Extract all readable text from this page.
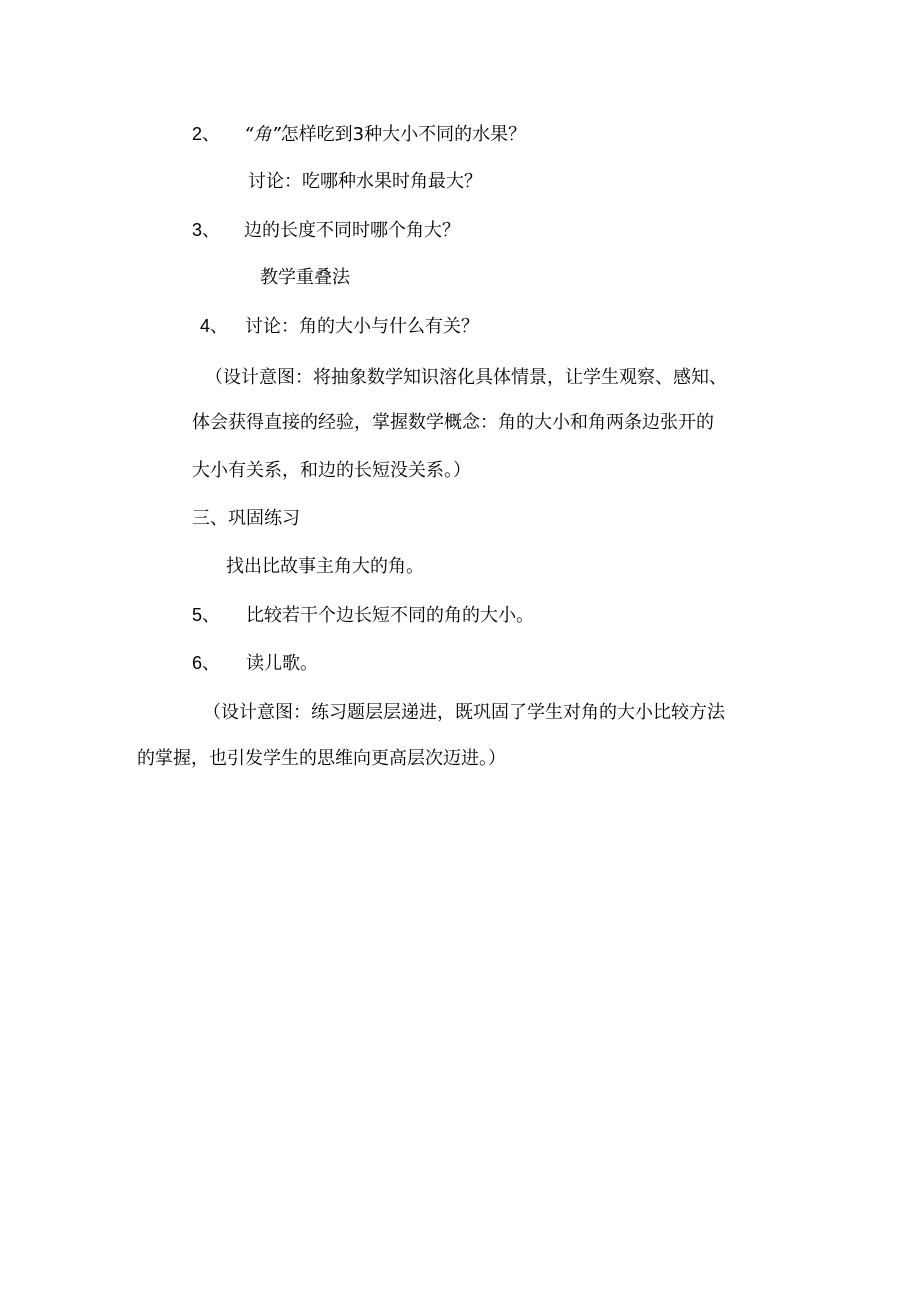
2、 “角”怎样吃到3种大小不同的水果？
讨论：吃哪种水果时角最大？
3、 边的长度不同时哪个角大？
教学重叠法
4、 讨论：角的大小与什么有关？
（设计意图：将抽象数学知识溶化具体情景，让学生观察、感知、
体会获得直接的经验，掌握数学概念：角的大小和角两条边张开的
大小有关系，和边的长短没关系。）
三、巩固练习
找出比故事主角大的角。
5、 比较若干个边长短不同的角的大小。
6、 读儿歌。
（设计意图：练习题层层递进，既巩固了学生对角的大小比较方法
的掌握，也引发学生的思维向更高层次迈进。）
